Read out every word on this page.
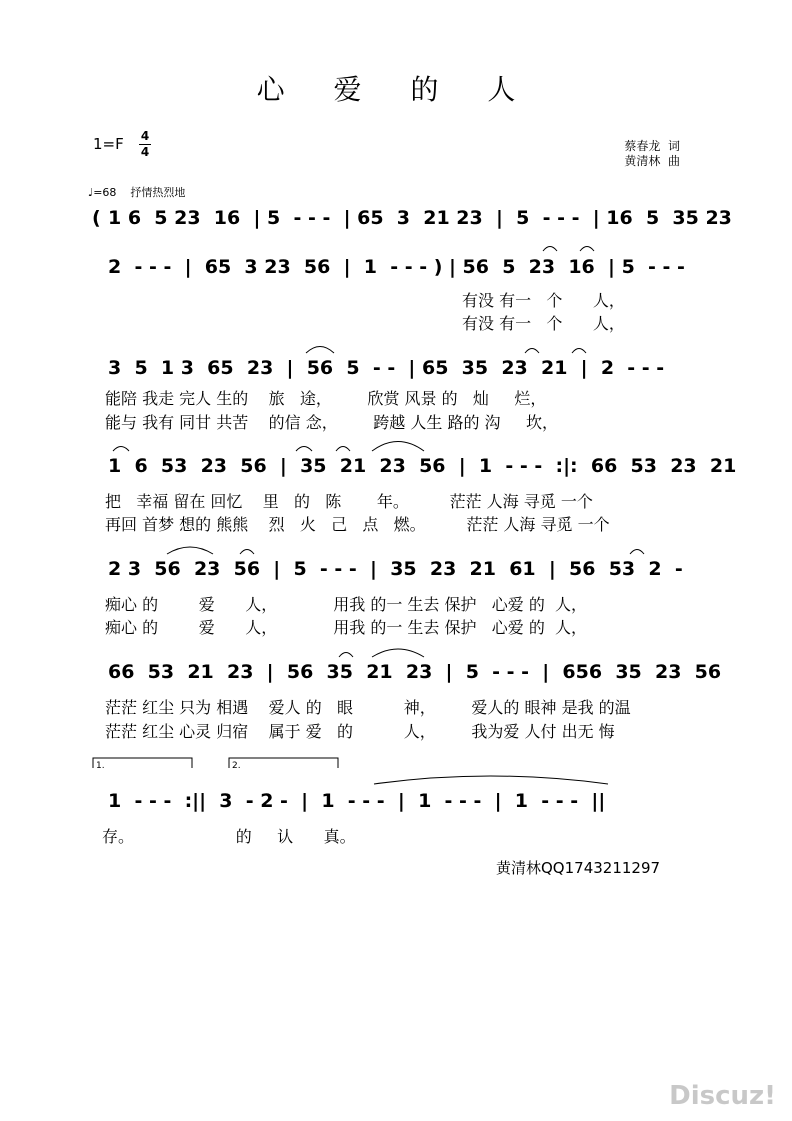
心 爱 的 人
1=F 4
4	蔡春龙  词
黄清林  曲
♩=68    抒情热烈地
( 1 6  5 23  16  | 5  - - -  | 65  3  21 23  |  5  - - -  | 16  5  35 23
2  - - -  |  65  3 23  56  |  1  - - - ) | 56  5  23  16  | 5  - - -
有没 有一   个      人，
有没 有一   个      人，
3  5  1 3  65  23  |  56  5  - -  | 65  35  23  21  |  2  - - -
能陪 我走 完人 生的    旅   途，       欣赏 风景 的   灿     烂，
能与 我有 同甘 共苦    的信 念，       跨越 人生 路的 沟     坎，
1  6  53  23  56  |  35  21  23  56  |  1  - - -  :|:  66  53  23  21
把   幸福 留在 回忆    里   的   陈       年。        茫茫 人海 寻觅 一个
再回 首梦 想的 熊熊    烈   火   己   点   燃。        茫茫 人海 寻觅 一个
2 3  56  23  56  |  5  - - -  |  35  23  21  61  |  56  53  2  -
痴心 的        爱      人，           用我 的一 生去 保护   心爱 的  人，
痴心 的        爱      人，           用我 的一 生去 保护   心爱 的  人，
66  53  21  23  |  56  35  21  23  |  5  - - -  |  656  35  23  56
茫茫 红尘 只为 相遇    爱人 的   眼          神，       爱人的 眼神 是我 的温
茫茫 红尘 心灵 归宿    属于 爱   的          人，       我为爱 人付 出无 悔
1.	2.
1  - - -  :||  3  - 2 -  |  1  - - -  |  1  - - -  |  1  - - -  ||
存。                    的     认      真。
黄清林QQ1743211297
Discuz!
